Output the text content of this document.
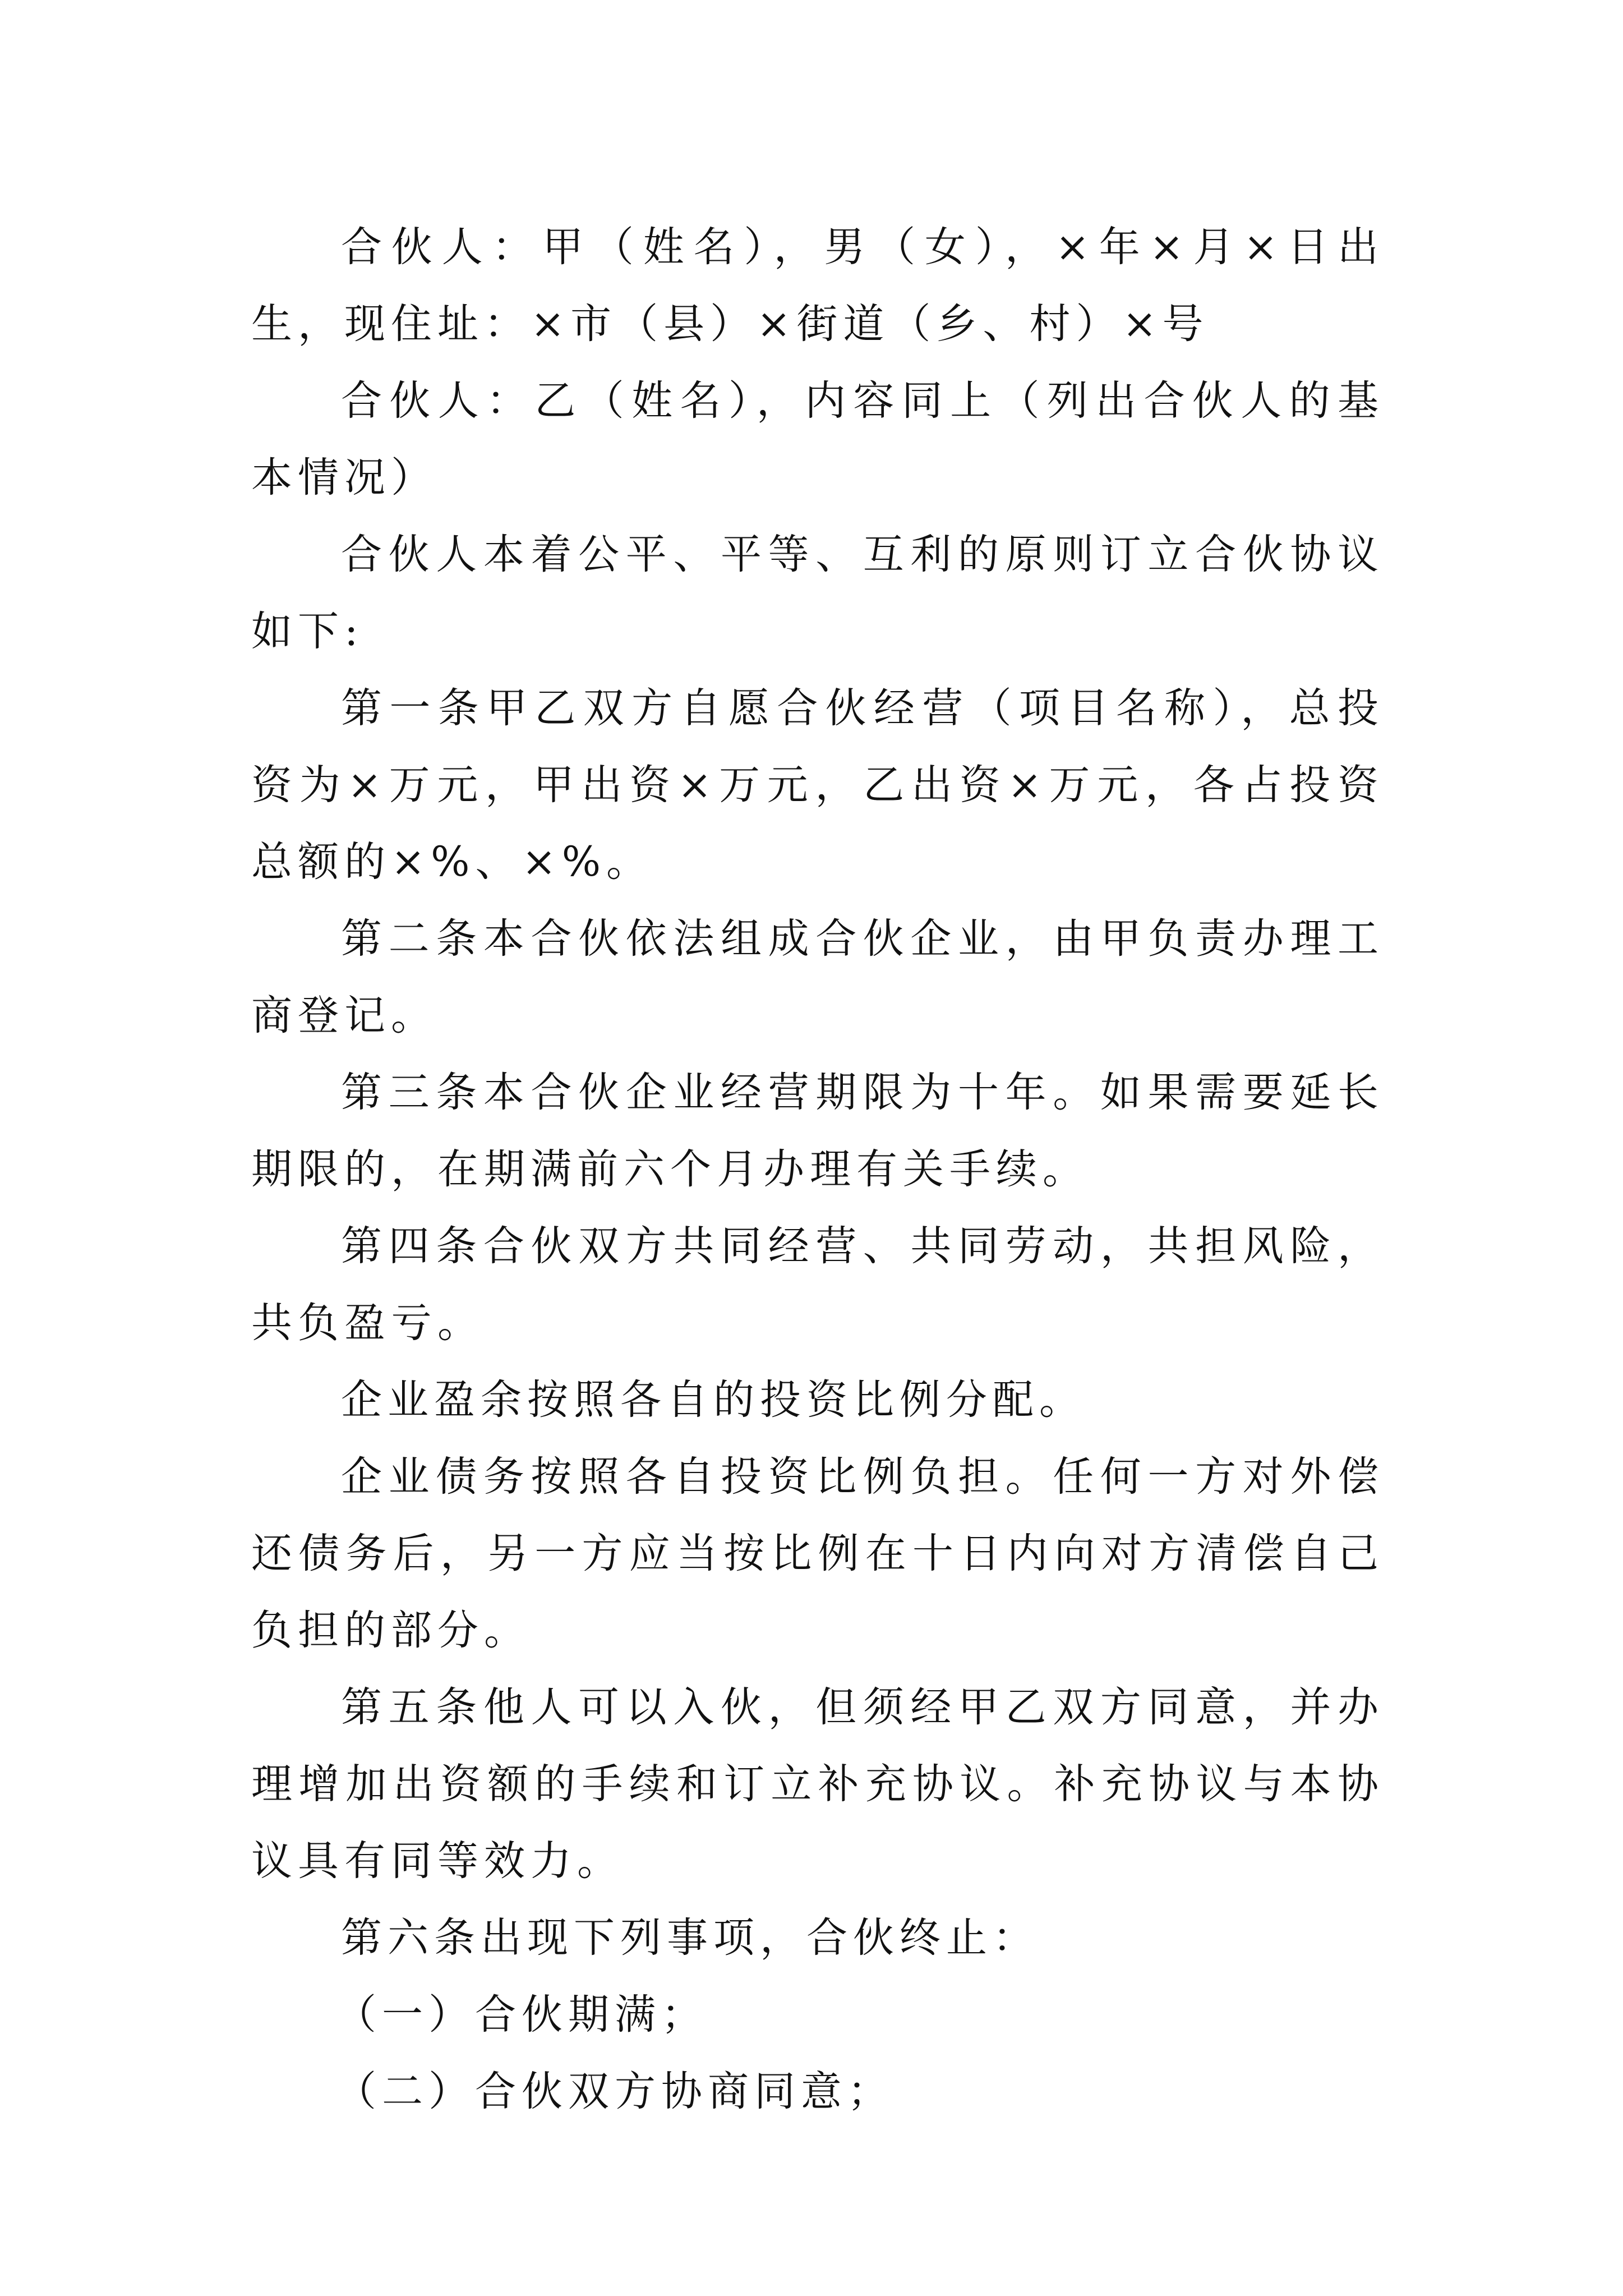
合伙人：甲（姓名），男（女），×年×月×日出生，现住址：×市（县）×街道（乡、村）×号

合伙人：乙（姓名），内容同上（列出合伙人的基本情况）

合伙人本着公平、平等、互利的原则订立合伙协议如下:

第一条甲乙双方自愿合伙经营（项目名称），总投资为×万元，甲出资×万元，乙出资×万元，各占投资总额的×%、×%。

第二条本合伙依法组成合伙企业，由甲负责办理工商登记。

第三条本合伙企业经营期限为十年。如果需要延长期限的，在期满前六个月办理有关手续。

第四条合伙双方共同经营、共同劳动，共担风险，共负盈亏。

企业盈余按照各自的投资比例分配。

企业债务按照各自投资比例负担。任何一方对外偿还债务后，另一方应当按比例在十日内向对方清偿自己负担的部分。

第五条他人可以入伙，但须经甲乙双方同意，并办理增加出资额的手续和订立补充协议。补充协议与本协议具有同等效力。

第六条出现下列事项，合伙终止：

（一）合伙期满；

（二）合伙双方协商同意；
